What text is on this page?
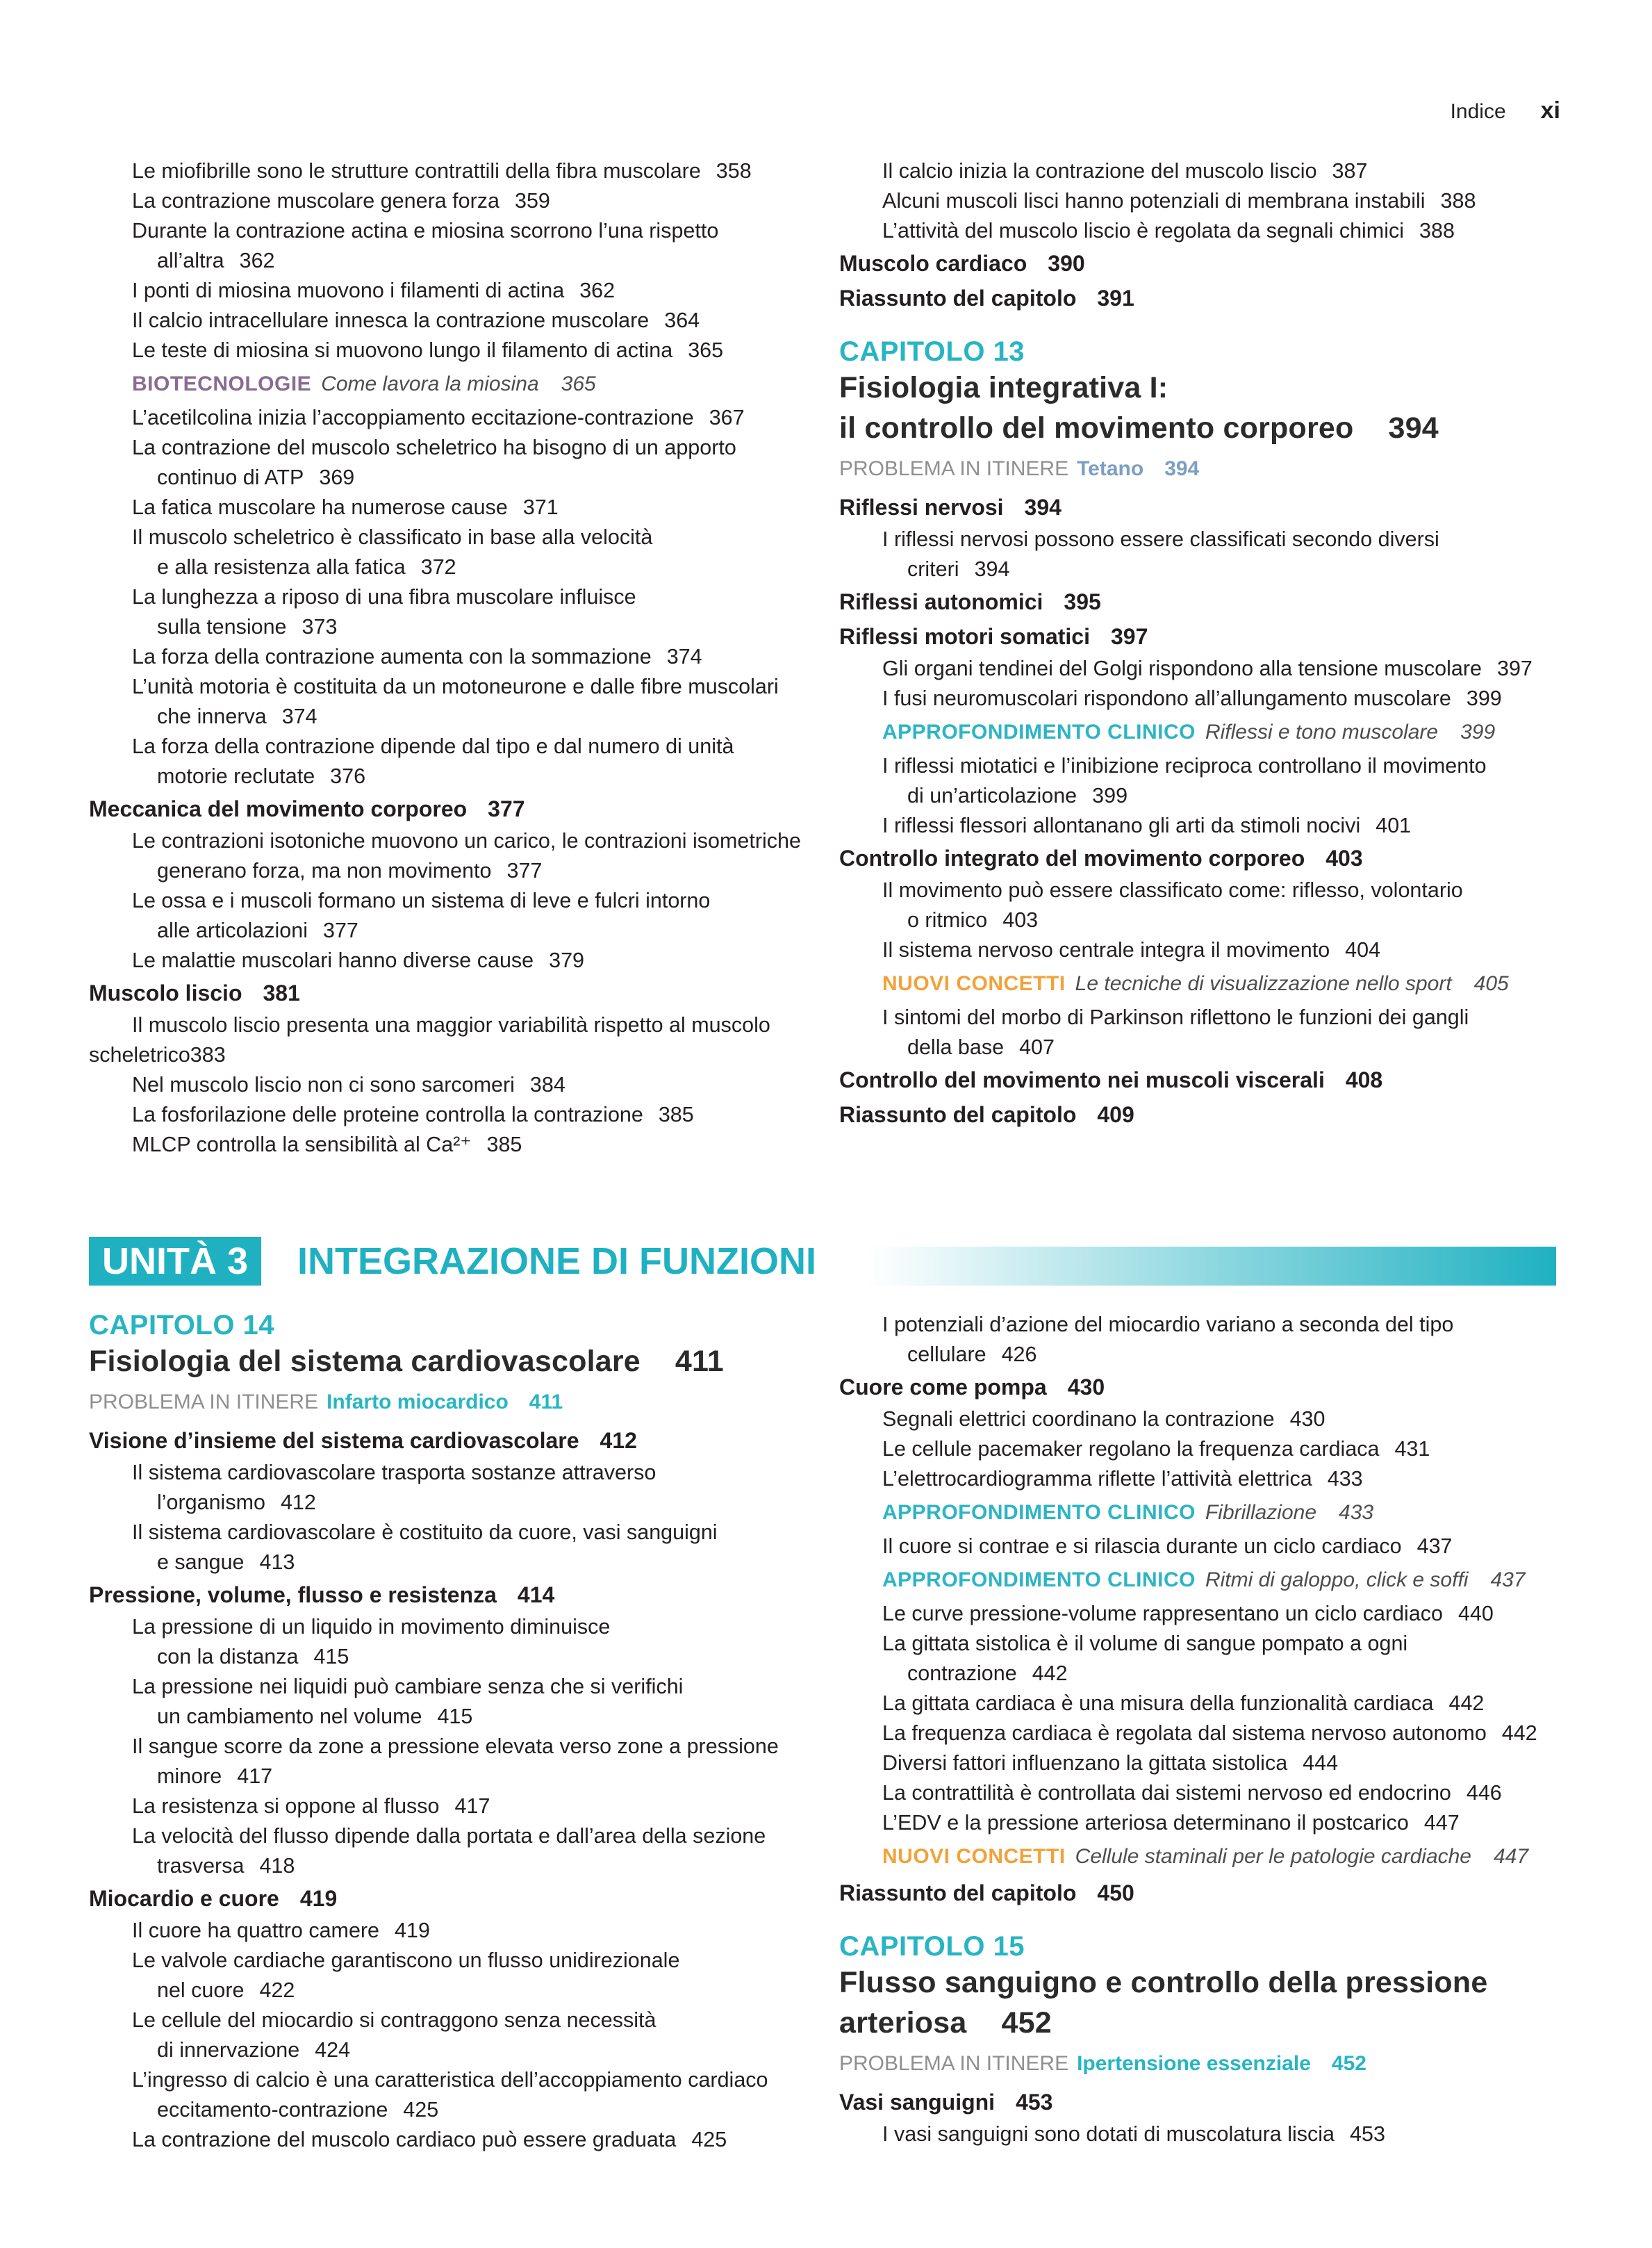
Indice xi
Le miofibrille sono le strutture contrattili della fibra muscolare 358
La contrazione muscolare genera forza 359
Durante la contrazione actina e miosina scorrono l’una rispetto
all’altra 362
I ponti di miosina muovono i filamenti di actina 362
Il calcio intracellulare innesca la contrazione muscolare 364
Le teste di miosina si muovono lungo il filamento di actina 365
BIOTECNOLOGIE Come lavora la miosina 365
L’acetilcolina inizia l’accoppiamento eccitazione-contrazione 367
La contrazione del muscolo scheletrico ha bisogno di un apporto
continuo di ATP 369
La fatica muscolare ha numerose cause 371
Il muscolo scheletrico è classificato in base alla velocità
e alla resistenza alla fatica 372
La lunghezza a riposo di una fibra muscolare influisce
sulla tensione 373
La forza della contrazione aumenta con la sommazione 374
L’unità motoria è costituita da un motoneurone e dalle fibre muscolari
che innerva 374
La forza della contrazione dipende dal tipo e dal numero di unità
motorie reclutate 376
Meccanica del movimento corporeo 377
Le contrazioni isotoniche muovono un carico, le contrazioni isometriche
generano forza, ma non movimento 377
Le ossa e i muscoli formano un sistema di leve e fulcri intorno
alle articolazioni 377
Le malattie muscolari hanno diverse cause 379
Muscolo liscio 381
Il muscolo liscio presenta una maggior variabilità rispetto al muscolo
scheletrico383
Nel muscolo liscio non ci sono sarcomeri 384
La fosforilazione delle proteine controlla la contrazione 385
MLCP controlla la sensibilità al Ca²⁺ 385
Il calcio inizia la contrazione del muscolo liscio 387
Alcuni muscoli lisci hanno potenziali di membrana instabili 388
L’attività del muscolo liscio è regolata da segnali chimici 388
Muscolo cardiaco 390
Riassunto del capitolo 391
CAPITOLO 13
Fisiologia integrativa I:
il controllo del movimento corporeo 394
PROBLEMA IN ITINERE Tetano 394
Riflessi nervosi 394
I riflessi nervosi possono essere classificati secondo diversi
criteri 394
Riflessi autonomici 395
Riflessi motori somatici 397
Gli organi tendinei del Golgi rispondono alla tensione muscolare 397
I fusi neuromuscolari rispondono all’allungamento muscolare 399
APPROFONDIMENTO CLINICO Riflessi e tono muscolare 399
I riflessi miotatici e l’inibizione reciproca controllano il movimento
di un’articolazione 399
I riflessi flessori allontanano gli arti da stimoli nocivi 401
Controllo integrato del movimento corporeo 403
Il movimento può essere classificato come: riflesso, volontario
o ritmico 403
Il sistema nervoso centrale integra il movimento 404
NUOVI CONCETTI Le tecniche di visualizzazione nello sport 405
I sintomi del morbo di Parkinson riflettono le funzioni dei gangli
della base 407
Controllo del movimento nei muscoli viscerali 408
Riassunto del capitolo 409
UNITÀ 3	INTEGRAZIONE DI FUNZIONI
CAPITOLO 14
Fisiologia del sistema cardiovascolare 411
PROBLEMA IN ITINERE Infarto miocardico 411
Visione d’insieme del sistema cardiovascolare 412
Il sistema cardiovascolare trasporta sostanze attraverso
l’organismo 412
Il sistema cardiovascolare è costituito da cuore, vasi sanguigni
e sangue 413
Pressione, volume, flusso e resistenza 414
La pressione di un liquido in movimento diminuisce
con la distanza 415
La pressione nei liquidi può cambiare senza che si verifichi
un cambiamento nel volume 415
Il sangue scorre da zone a pressione elevata verso zone a pressione
minore 417
La resistenza si oppone al flusso 417
La velocità del flusso dipende dalla portata e dall’area della sezione
trasversa 418
Miocardio e cuore 419
Il cuore ha quattro camere 419
Le valvole cardiache garantiscono un flusso unidirezionale
nel cuore 422
Le cellule del miocardio si contraggono senza necessità
di innervazione 424
L’ingresso di calcio è una caratteristica dell’accoppiamento cardiaco
eccitamento-contrazione 425
La contrazione del muscolo cardiaco può essere graduata 425
I potenziali d’azione del miocardio variano a seconda del tipo
cellulare 426
Cuore come pompa 430
Segnali elettrici coordinano la contrazione 430
Le cellule pacemaker regolano la frequenza cardiaca 431
L’elettrocardiogramma riflette l’attività elettrica 433
APPROFONDIMENTO CLINICO Fibrillazione 433
Il cuore si contrae e si rilascia durante un ciclo cardiaco 437
APPROFONDIMENTO CLINICO Ritmi di galoppo, click e soffi 437
Le curve pressione-volume rappresentano un ciclo cardiaco 440
La gittata sistolica è il volume di sangue pompato a ogni
contrazione 442
La gittata cardiaca è una misura della funzionalità cardiaca 442
La frequenza cardiaca è regolata dal sistema nervoso autonomo 442
Diversi fattori influenzano la gittata sistolica 444
La contrattilità è controllata dai sistemi nervoso ed endocrino 446
L’EDV e la pressione arteriosa determinano il postcarico 447
NUOVI CONCETTI Cellule staminali per le patologie cardiache 447
Riassunto del capitolo 450
CAPITOLO 15
Flusso sanguigno e controllo della pressione
arteriosa 452
PROBLEMA IN ITINERE Ipertensione essenziale 452
Vasi sanguigni 453
I vasi sanguigni sono dotati di muscolatura liscia 453
